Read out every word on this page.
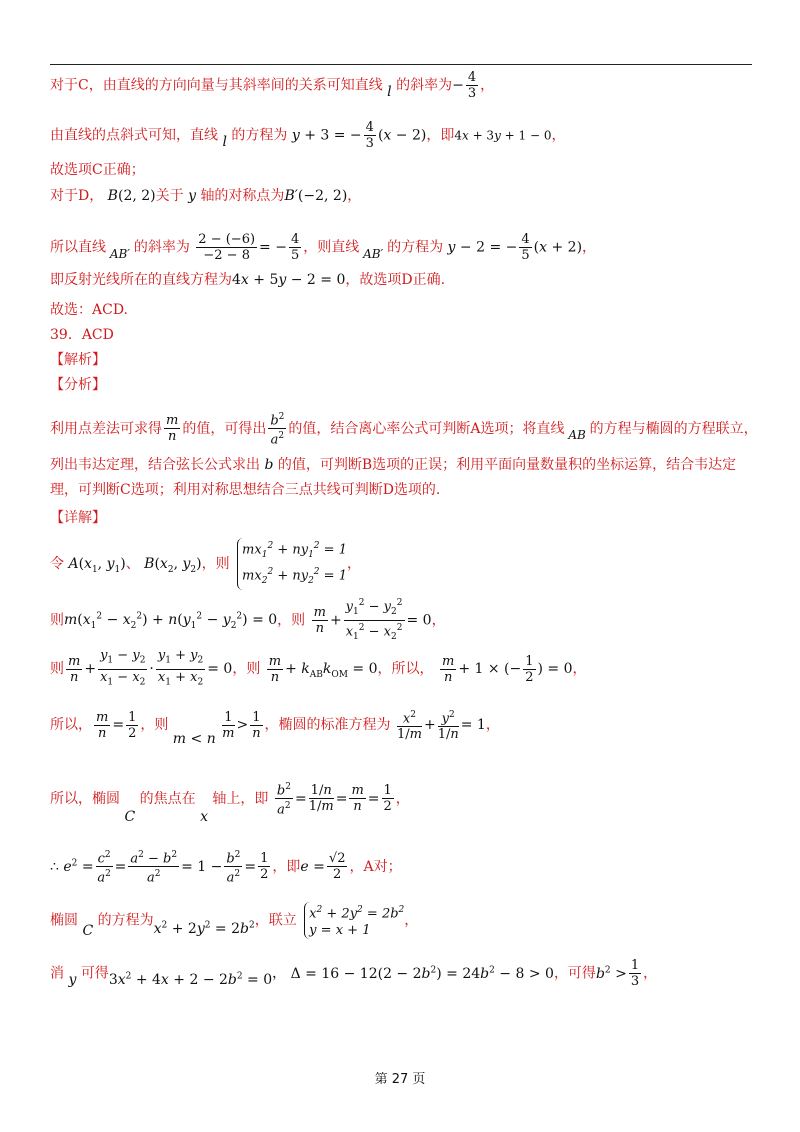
对于C，由直线的方向向量与其斜率间的关系可知直线 l 的斜率为− $\frac{4}{3}$ ，
由直线的点斜式可知，直线 l 的方程为 y + 3 = − $\frac{4}{3} (x - 2)$，即4x + 3y + 1 − 0，
故选项C正确；
对于D， B(2, 2)关于 y 轴的对称点为B′(−2, 2)，
所以直线 AB′ 的斜率为 $\frac{2 - (-6)}{-2 - 8}$ = − $\frac{4}{5}$ ，则直线 AB′ 的方程为 y − 2 = − $\frac{4}{5} (x + 2)$，
即反射光线所在的直线方程为4x + 5y − 2 = 0，故选项D正确.
故选：ACD.
39．ACD
【解析】
【分析】
利用点差法可求得 $\frac{m}{n}$ 的值，可得出 $\frac{b^2}{a^2}$ 的值，结合离心率公式可判断A选项；将直线 AB 的方程与椭圆的方程联立，
列出韦达定理，结合弦长公式求出 b 的值，可判断B选项的正误；利用平面向量数量积的坐标运算，结合韦达定
理，可判断C选项；利用对称思想结合三点共线可判断D选项的.
【详解】
令 $A(x_1$, $y_1$)、 $B(x_2$, $y_2$)，则
$mx_1^2 + ny_1^2 = 1$
$mx_2^2 + ny_2^2 = 1$
，
则$m(x_1^2 - x_2^2) + n(y_1^2 - y_2^2) = 0$，则 $\frac{m}{n} + \frac{y_1^2 - y_2^2}{x_1^2 - x_2^2} = 0$，
则 $\frac{m}{n} + \frac{y_1 - y_2}{x_1 - x_2} \cdot \frac{y_1 + y_2}{x_1 + x_2} = 0$，则 $\frac{m}{n} + k_{AB}k_{OM} = 0$，所以， $\frac{m}{n} + 1$ × (− $\frac{1}{2}$ ) = 0，
所以， $\frac{m}{n} = \frac{1}{2}$ ，则 m < n $\frac{1}{m} > \frac{1}{n}$ ，椭圆的标准方程为 $\frac{x^2}{1/m} + \frac{y^2}{1/n} = 1$，
所以，椭圆 C 的焦点在 x 轴上，即 $\frac{b^2}{a^2} = \frac{1/n}{1/m} = \frac{m}{n} = \frac{1}{2}$ ，
∴ $e^2 = \frac{c^2}{a^2} = \frac{a^2 - b^2}{a^2} = 1 - \frac{b^2}{a^2} = \frac{1}{2}$ ，即$e = \frac{√2}{2}$ ，A对；
椭圆 C 的方程为$x^2 + 2y^2 = 2b^2$，联立 $x^2 + 2y^2 = 2b^2$
y = x + 1
，
消 y 可得$3x^2 + 4x + 2 - 2b^2 = 0$， $\Delta = 16 - 12(2 - 2b^2) = 24b^2 - 8 > 0$，可得$b^2 > \frac{1}{3}$ ，
第 27 页
